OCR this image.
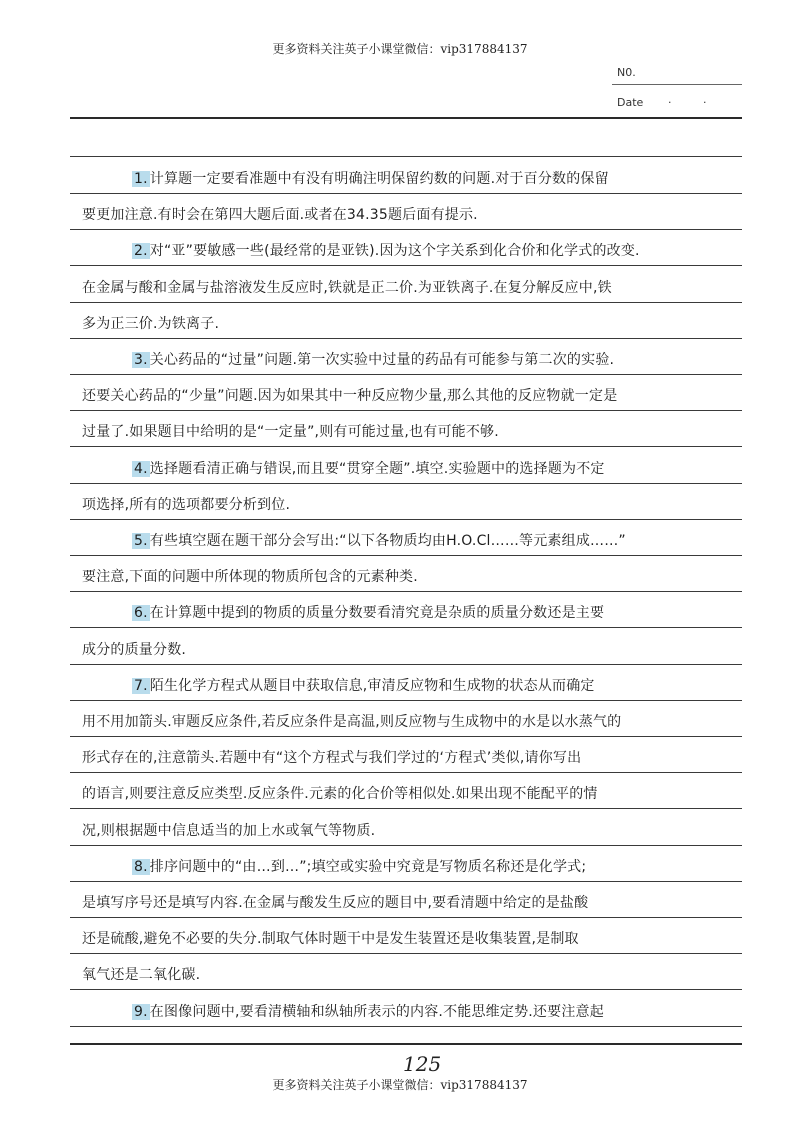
更多资料关注英子小课堂微信：vip317884137
N0.
Date ·	·
1. 计算题一定要看准题中有没有明确注明保留约数的问题.对于百分数的保留
要更加注意.有时会在第四大题后面.或者在34.35题后面有提示.
2. 对“亚”要敏感一些(最经常的是亚铁).因为这个字关系到化合价和化学式的改变.
在金属与酸和金属与盐溶液发生反应时,铁就是正二价.为亚铁离子.在复分解反应中,铁
多为正三价.为铁离子.
3. 关心药品的“过量”问题.第一次实验中过量的药品有可能参与第二次的实验.
还要关心药品的“少量”问题.因为如果其中一种反应物少量,那么其他的反应物就一定是
过量了.如果题目中给明的是“一定量”,则有可能过量,也有可能不够.
4. 选择题看清正确与错误,而且要“贯穿全题”.填空.实验题中的选择题为不定
项选择,所有的选项都要分析到位.
5. 有些填空题在题干部分会写出:“以下各物质均由H.O.Cl……等元素组成……”
要注意,下面的问题中所体现的物质所包含的元素种类.
6. 在计算题中提到的物质的质量分数要看清究竟是杂质的质量分数还是主要
成分的质量分数.
7. 陌生化学方程式从题目中获取信息,审清反应物和生成物的状态从而确定
用不用加箭头.审题反应条件,若反应条件是高温,则反应物与生成物中的水是以水蒸气的
形式存在的,注意箭头.若题中有“这个方程式与我们学过的‘方程式’类似,请你写出
的语言,则要注意反应类型.反应条件.元素的化合价等相似处.如果出现不能配平的情
况,则根据题中信息适当的加上水或氧气等物质.
8. 排序问题中的“由…到…”;填空或实验中究竟是写物质名称还是化学式;
是填写序号还是填写内容.在金属与酸发生反应的题目中,要看清题中给定的是盐酸
还是硫酸,避免不必要的失分.制取气体时题干中是发生装置还是收集装置,是制取
氧气还是二氧化碳.
9. 在图像问题中,要看清横轴和纵轴所表示的内容.不能思维定势.还要注意起
125
更多资料关注英子小课堂微信：vip317884137
